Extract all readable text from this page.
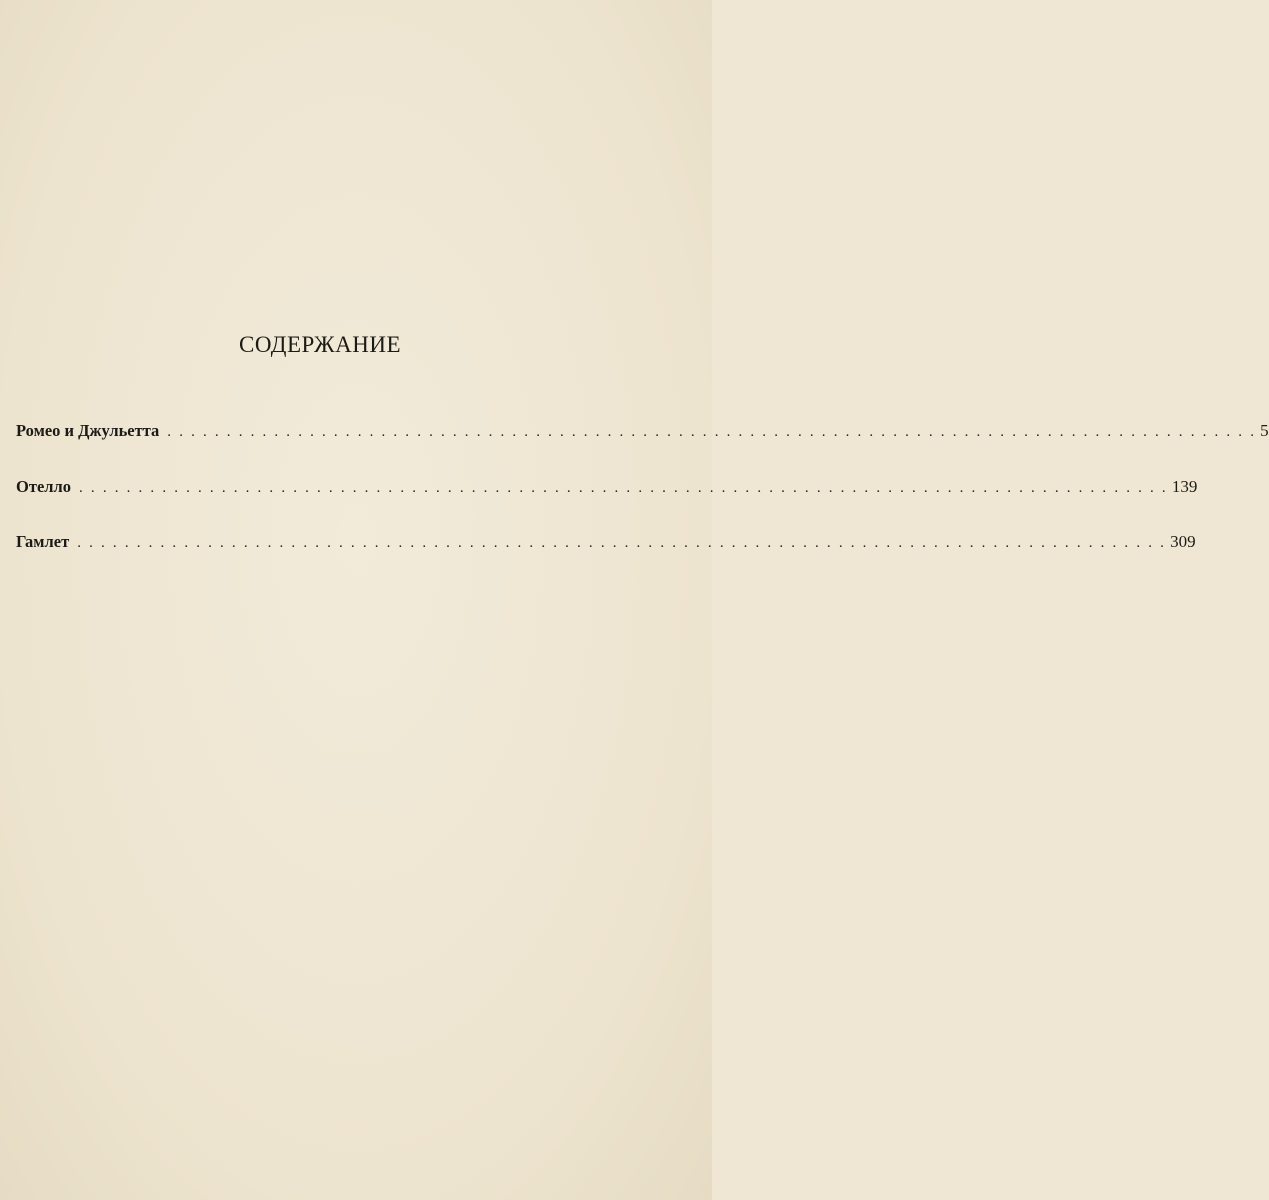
СОДЕРЖАНИЕ
Ромео и Джульетта . . . . . . . . . . . . . . . . . . . . . . . . . . . . . . . . . . . . . . . . . . . . . . . . . . . . . . . . . . . . . . . . . . . . . . . . . . . . . . . . . . . . . . . . . . . . 5
Отелло . . . . . . . . . . . . . . . . . . . . . . . . . . . . . . . . . . . . . . . . . . . . . . . . . . . . . . . . . . . . . . . . . . . . . . . . . . . . . . . . . . . . . . . . . . . . 139
Гамлет . . . . . . . . . . . . . . . . . . . . . . . . . . . . . . . . . . . . . . . . . . . . . . . . . . . . . . . . . . . . . . . . . . . . . . . . . . . . . . . . . . . . . . . . . . . . 309
